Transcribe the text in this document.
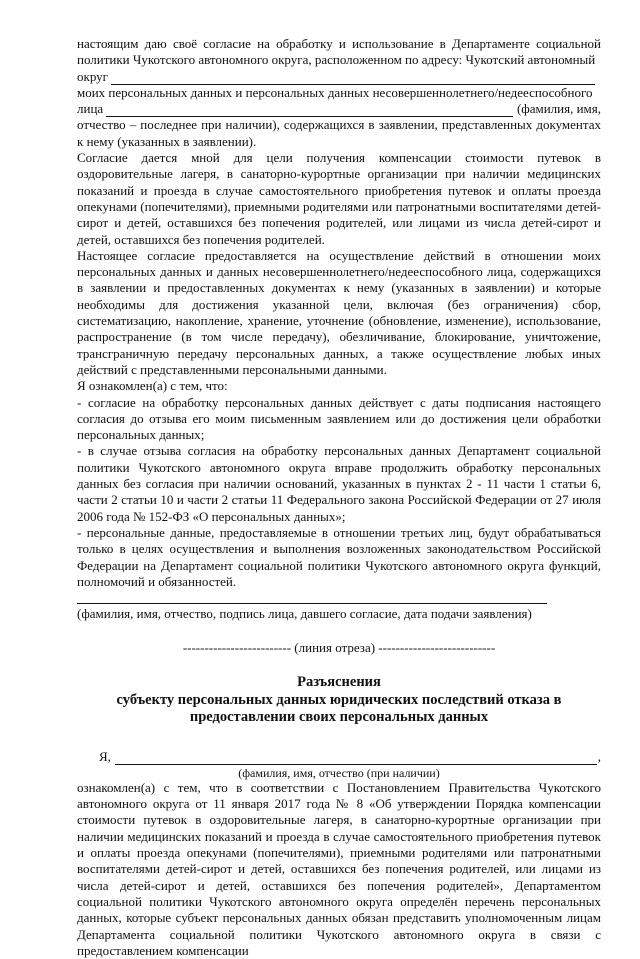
настоящим даю своё согласие на обработку и использование в Департаменте социальной политики Чукотского автономного округа, расположенном по адресу: Чукотский автономный

округ

моих персональных данных и персональных данных несовершеннолетнего/недееспособного

лица	(фамилия, имя,

отчество – последнее при наличии), содержащихся в заявлении, представленных документах к нему (указанных в заявлении).

Согласие дается мной для цели получения компенсации стоимости путевок в оздоровительные лагеря, в санаторно-курортные организации при наличии медицинских показаний и проезда в случае самостоятельного приобретения путевок и оплаты проезда опекунами (попечителями), приемными родителями или патронатными воспитателями детей-сирот и детей, оставшихся без попечения родителей, или лицами из числа детей-сирот и детей, оставшихся без попечения родителей.

Настоящее согласие предоставляется на осуществление действий в отношении моих персональных данных и данных несовершеннолетнего/недееспособного лица, содержащихся в заявлении и предоставленных документах к нему (указанных в заявлении) и которые необходимы для достижения указанной цели, включая (без ограничения) сбор, систематизацию, накопление, хранение, уточнение (обновление, изменение), использование, распространение (в том числе передачу), обезличивание, блокирование, уничтожение, трансграничную передачу персональных данных, а также осуществление любых иных действий с представленными персональными данными.

Я ознакомлен(а) с тем, что:

- согласие на обработку персональных данных действует с даты подписания настоящего согласия до отзыва его моим письменным заявлением или до достижения цели обработки персональных данных;

- в случае отзыва согласия на обработку персональных данных Департамент социальной политики Чукотского автономного округа вправе продолжить обработку персональных данных без согласия при наличии оснований, указанных в пунктах 2 - 11 части 1 статьи 6, части 2 статьи 10 и части 2 статьи 11 Федерального закона Российской Федерации от 27 июля 2006 года № 152-ФЗ «О персональных данных»;

- персональные данные, предоставляемые в отношении третьих лиц, будут обрабатываться только в целях осуществления и выполнения возложенных законодательством Российской Федерации на Департамент социальной политики Чукотского автономного округа функций, полномочий и обязанностей.

(фамилия, имя, отчество, подпись лица, давшего согласие, дата подачи заявления)
------------------------- (линия отреза) ---------------------------
Разъяснения
субъекту персональных данных юридических последствий отказа в
предоставлении своих персональных данных
Я,	,
(фамилия, имя, отчество (при наличии)

ознакомлен(а) с тем, что в соответствии с Постановлением Правительства Чукотского автономного округа от 11 января 2017 года № 8 «Об утверждении Порядка компенсации стоимости путевок в оздоровительные лагеря, в санаторно-курортные организации при наличии медицинских показаний и проезда в случае самостоятельного приобретения путевок и оплаты проезда опекунами (попечителями), приемными родителями или патронатными воспитателями детей-сирот и детей, оставшихся без попечения родителей, или лицами из числа детей-сирот и детей, оставшихся без попечения родителей», Департаментом социальной политики Чукотского автономного округа определён перечень персональных данных, которые субъект персональных данных обязан представить уполномоченным лицам Департамента социальной политики Чукотского автономного округа в связи с предоставлением компенсации
